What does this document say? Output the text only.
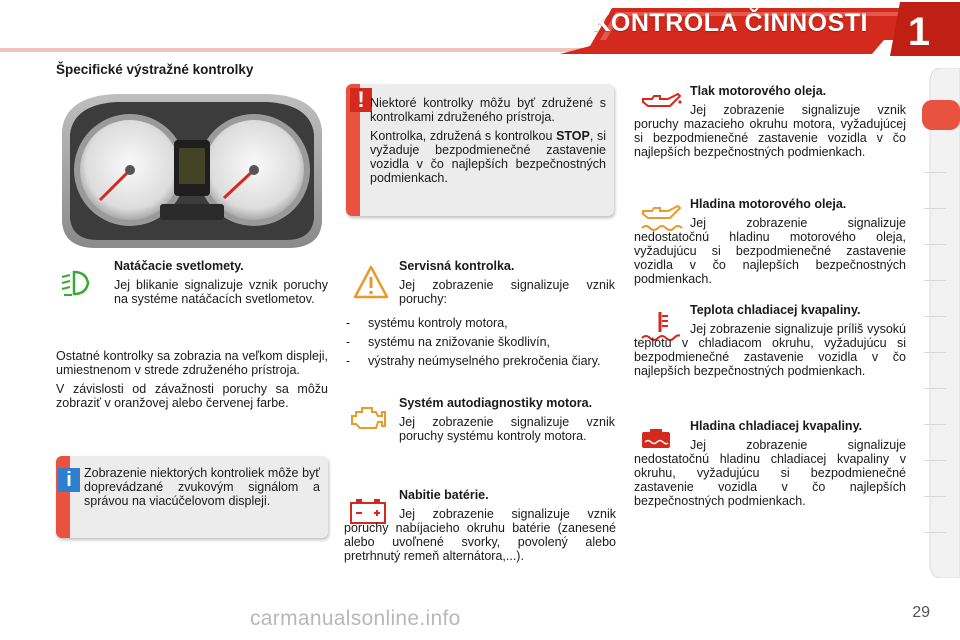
KONTROLA ČINNOSTI 1
Špecifické výstražné kontrolky
! Niektoré kontrolky môžu byť združené s kontrolkami združeného prístroja.

Kontrolka, združená s kontrolkou STOP, si vyžaduje bezpodmienečné zastavenie vozidla v čo najlepších bezpečnostných podmienkach.

Natáčacie svetlomety.

Jej blikanie signalizuje vznik poruchy na systéme natáčacích svetlometov.

Ostatné kontrolky sa zobrazia na veľkom displeji, umiestnenom v strede združeného prístroja.

V závislosti od závažnosti poruchy sa môžu zobraziť v oranžovej alebo červenej farbe.

i Zobrazenie niektorých kontroliek môže byť doprevádzané zvukovým signálom a správou na viacúčelovom displeji.

Servisná kontrolka.

Jej zobrazenie signalizuje vznik poruchy:

- systému kontroly motora,
- systému na znižovanie škodlivín,
- výstrahy neúmyselného prekročenia čiary.

Systém autodiagnostiky motora.

Jej zobrazenie signalizuje vznik poruchy systému kontroly motora.

Nabitie batérie.

Jej zobrazenie signalizuje vznik poruchy nabíjacieho okruhu batérie (zanesené alebo uvoľnené svorky, povolený alebo pretrhnutý remeň alternátora,...).

Tlak motorového oleja.

Jej zobrazenie signalizuje vznik poruchy mazacieho okruhu motora, vyžadujúcej si bezpodmienečné zastavenie vozidla v čo najlepších bezpečnostných podmienkach.

Hladina motorového oleja.

Jej zobrazenie signalizuje nedostatočnú hladinu motorového oleja, vyžadujúcu si bezpodmienečné zastavenie vozidla v čo najlepších bezpečnostných podmienkach.

Teplota chladiacej kvapaliny.

Jej zobrazenie signalizuje príliš vysokú teplotu v chladiacom okruhu, vyžadujúcu si bezpodmienečné zastavenie vozidla v čo najlepších bezpečnostných podmienkach.

Hladina chladiacej kvapaliny.

Jej zobrazenie signalizuje nedostatočnú hladinu chladiacej kvapaliny v okruhu, vyžadujúcu si bezpodmienečné zastavenie vozidla v čo najlepších bezpečnostných podmienkach.
carmanualsonline.info	29
